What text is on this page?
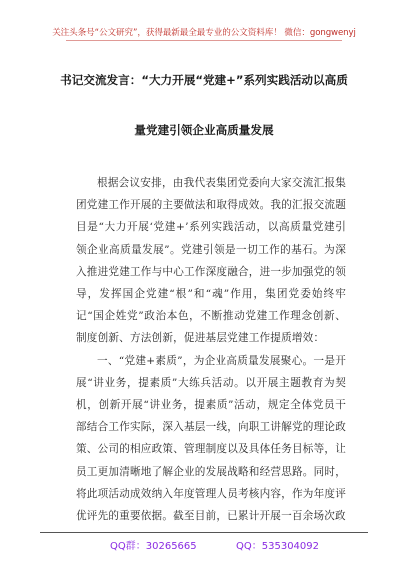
关注头条号“公文研究”，获得最新最全最专业的公文资料库！ 微信：gongwenyj
书记交流发言：“大力开展“党建+”系列实践活动以高质
量党建引领企业高质量发展

根据会议安排，由我代表集团党委向大家交流汇报集团党建工作开展的主要做法和取得成效。我的汇报交流题目是“大力开展‘党建+’系列实践活动，以高质量党建引领企业高质量发展”。党建引领是一切工作的基石。为深入推进党建工作与中心工作深度融合，进一步加强党的领导，发挥国企党建“根”和“魂”作用，集团党委始终牢记“国企姓党”政治本色，不断推动党建工作理念创新、制度创新、方法创新，促进基层党建工作提质增效：

一、“党建+素质”，为企业高质量发展聚心。一是开展“讲业务，提素质”大练兵活动。以开展主题教育为契机，创新开展“讲业务，提素质”活动，规定全体党员干部结合工作实际，深入基层一线，向职工讲解党的理论政策、公司的相应政策、管理制度以及具体任务目标等，让员工更加清晰地了解企业的发展战略和经营思路。同时，将此项活动成效纳入年度管理人员考核内容，作为年度评优评先的重要依据。截至目前，已累计开展一百余场次政

QQ群：30265665	QQ：535304092
